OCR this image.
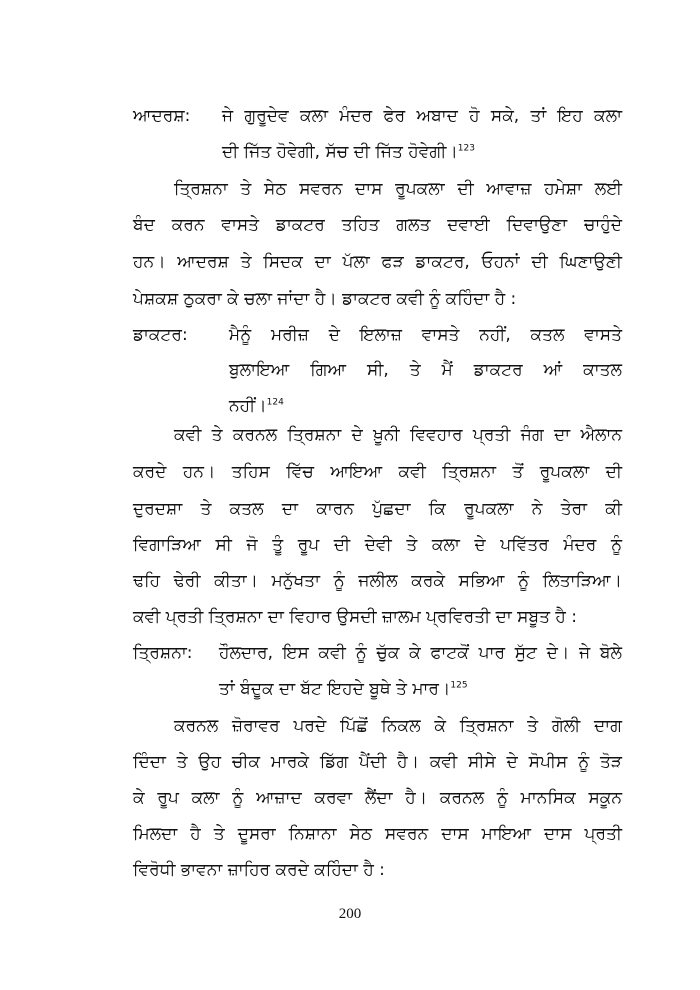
ਆਦਰਸ਼: ਜੇ ਗੁਰੂਦੇਵ ਕਲਾ ਮੰਦਰ ਫੇਰ ਅਬਾਦ ਹੋ ਸਕੇ, ਤਾਂ ਇਹ ਕਲਾ
ਦੀ ਜਿੱਤ ਹੋਵੇਗੀ, ਸੱਚ ਦੀ ਜਿੱਤ ਹੋਵੇਗੀ।$^{123}$
ਤ੍ਰਿਸ਼ਨਾ ਤੇ ਸੇਠ ਸਵਰਨ ਦਾਸ ਰੂਪਕਲਾ ਦੀ ਆਵਾਜ਼ ਹਮੇਸ਼ਾ ਲਈ
ਬੰਦ ਕਰਨ ਵਾਸਤੇ ਡਾਕਟਰ ਤਹਿਤ ਗਲਤ ਦਵਾਈ ਦਿਵਾਉਣਾ ਚਾਹੁੰਦੇ
ਹਨ। ਆਦਰਸ਼ ਤੇ ਸਿਦਕ ਦਾ ਪੱਲਾ ਫੜ ਡਾਕਟਰ, ਓਹਨਾਂ ਦੀ ਘਿਣਾਉਣੀ
ਪੇਸ਼ਕਸ਼ ਠੁਕਰਾ ਕੇ ਚਲਾ ਜਾਂਦਾ ਹੈ। ਡਾਕਟਰ ਕਵੀ ਨੂੰ ਕਹਿੰਦਾ ਹੈ :
ਡਾਕਟਰ: ਮੈਨੂੰ ਮਰੀਜ਼ ਦੇ ਇਲਾਜ਼ ਵਾਸਤੇ ਨਹੀਂ, ਕਤਲ ਵਾਸਤੇ
ਬੁਲਾਇਆ ਗਿਆ ਸੀ, ਤੇ ਮੈਂ ਡਾਕਟਰ ਆਂ ਕਾਤਲ
ਨਹੀਂ।$^{124}$
ਕਵੀ ਤੇ ਕਰਨਲ ਤ੍ਰਿਸ਼ਨਾ ਦੇ ਖ਼ੂਨੀ ਵਿਵਹਾਰ ਪ੍ਰਤੀ ਜੰਗ ਦਾ ਐਲਾਨ
ਕਰਦੇ ਹਨ। ਤਹਿਸ ਵਿੱਚ ਆਇਆ ਕਵੀ ਤ੍ਰਿਸ਼ਨਾ ਤੋਂ ਰੂਪਕਲਾ ਦੀ
ਦੁਰਦਸ਼ਾ ਤੇ ਕਤਲ ਦਾ ਕਾਰਨ ਪੁੱਛਦਾ ਕਿ ਰੂਪਕਲਾ ਨੇ ਤੇਰਾ ਕੀ
ਵਿਗਾੜਿਆ ਸੀ ਜੋ ਤੂੰ ਰੂਪ ਦੀ ਦੇਵੀ ਤੇ ਕਲਾ ਦੇ ਪਵਿੱਤਰ ਮੰਦਰ ਨੂੰ
ਢਹਿ ਢੇਰੀ ਕੀਤਾ। ਮਨੁੱਖਤਾ ਨੂੰ ਜਲੀਲ ਕਰਕੇ ਸਭਿਆ ਨੂੰ ਲਿਤਾੜਿਆ।
ਕਵੀ ਪ੍ਰਤੀ ਤ੍ਰਿਸ਼ਨਾ ਦਾ ਵਿਹਾਰ ਉਸਦੀ ਜ਼ਾਲਮ ਪ੍ਰਵਿਰਤੀ ਦਾ ਸਬੂਤ ਹੈ :
ਤ੍ਰਿਸ਼ਨਾ: ਹੌਲਦਾਰ, ਇਸ ਕਵੀ ਨੂੰ ਚੁੱਕ ਕੇ ਫਾਟਕੋਂ ਪਾਰ ਸੁੱਟ ਦੇ। ਜੇ ਬੋਲੇ
ਤਾਂ ਬੰਦੂਕ ਦਾ ਬੱਟ ਇਹਦੇ ਬੂਥੇ ਤੇ ਮਾਰ।$^{125}$
ਕਰਨਲ ਜ਼ੋਰਾਵਰ ਪਰਦੇ ਪਿੱਛੋਂ ਨਿਕਲ ਕੇ ਤ੍ਰਿਸ਼ਨਾ ਤੇ ਗੋਲੀ ਦਾਗ
ਦਿੰਦਾ ਤੇ ਉਹ ਚੀਕ ਮਾਰਕੇ ਡਿੱਗ ਪੈਂਦੀ ਹੈ। ਕਵੀ ਸੀਸੇ ਦੇ ਸੋਪੀਸ ਨੂੰ ਤੋੜ
ਕੇ ਰੂਪ ਕਲਾ ਨੂੰ ਆਜ਼ਾਦ ਕਰਵਾ ਲੈਂਦਾ ਹੈ। ਕਰਨਲ ਨੂੰ ਮਾਨਸਿਕ ਸਕੂਨ
ਮਿਲਦਾ ਹੈ ਤੇ ਦੂਸਰਾ ਨਿਸ਼ਾਨਾ ਸੇਠ ਸਵਰਨ ਦਾਸ ਮਾਇਆ ਦਾਸ ਪ੍ਰਤੀ
ਵਿਰੋਧੀ ਭਾਵਨਾ ਜ਼ਾਹਿਰ ਕਰਦੇ ਕਹਿੰਦਾ ਹੈ :
200
